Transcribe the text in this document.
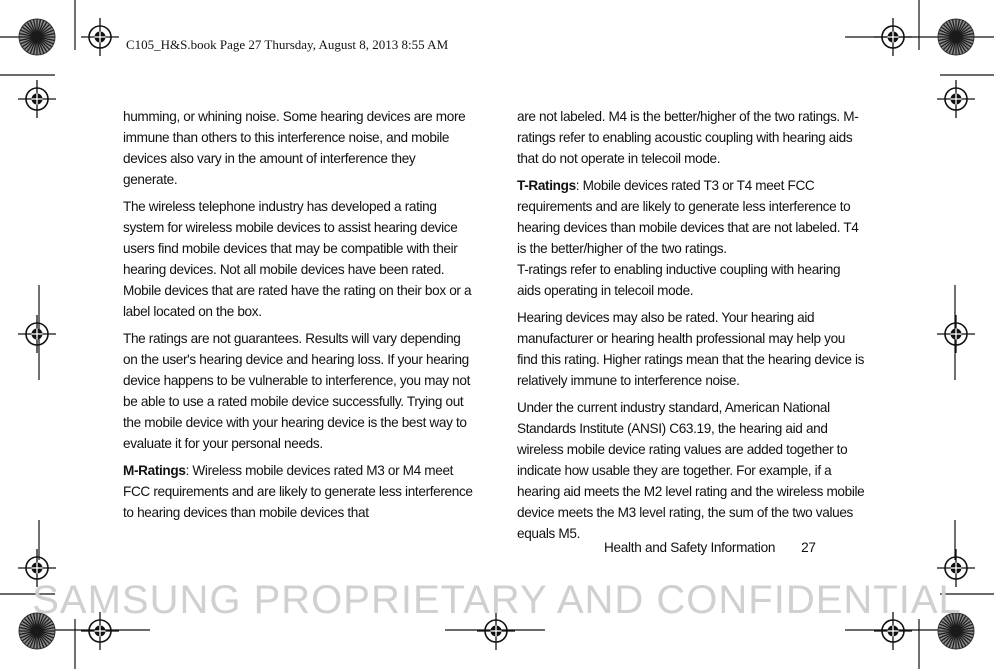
C105_H&S.book Page 27 Thursday, August 8, 2013 8:55 AM

humming, or whining noise. Some hearing devices are more immune than others to this interference noise, and mobile devices also vary in the amount of interference they generate.

The wireless telephone industry has developed a rating system for wireless mobile devices to assist hearing device users find mobile devices that may be compatible with their hearing devices. Not all mobile devices have been rated. Mobile devices that are rated have the rating on their box or a label located on the box.

The ratings are not guarantees. Results will vary depending on the user's hearing device and hearing loss. If your hearing device happens to be vulnerable to interference, you may not be able to use a rated mobile device successfully. Trying out the mobile device with your hearing device is the best way to evaluate it for your personal needs.

M-Ratings: Wireless mobile devices rated M3 or M4 meet FCC requirements and are likely to generate less interference to hearing devices than mobile devices that

are not labeled. M4 is the better/higher of the two ratings. M-ratings refer to enabling acoustic coupling with hearing aids that do not operate in telecoil mode.

T-Ratings: Mobile devices rated T3 or T4 meet FCC requirements and are likely to generate less interference to hearing devices than mobile devices that are not labeled. T4 is the better/higher of the two ratings.
T-ratings refer to enabling inductive coupling with hearing aids operating in telecoil mode.

Hearing devices may also be rated. Your hearing aid manufacturer or hearing health professional may help you find this rating. Higher ratings mean that the hearing device is relatively immune to interference noise.

Under the current industry standard, American National Standards Institute (ANSI) C63.19, the hearing aid and wireless mobile device rating values are added together to indicate how usable they are together. For example, if a hearing aid meets the M2 level rating and the wireless mobile device meets the M3 level rating, the sum of the two values equals M5.

Health and Safety Information 27
SAMSUNG PROPRIETARY AND CONFIDENTIAL
